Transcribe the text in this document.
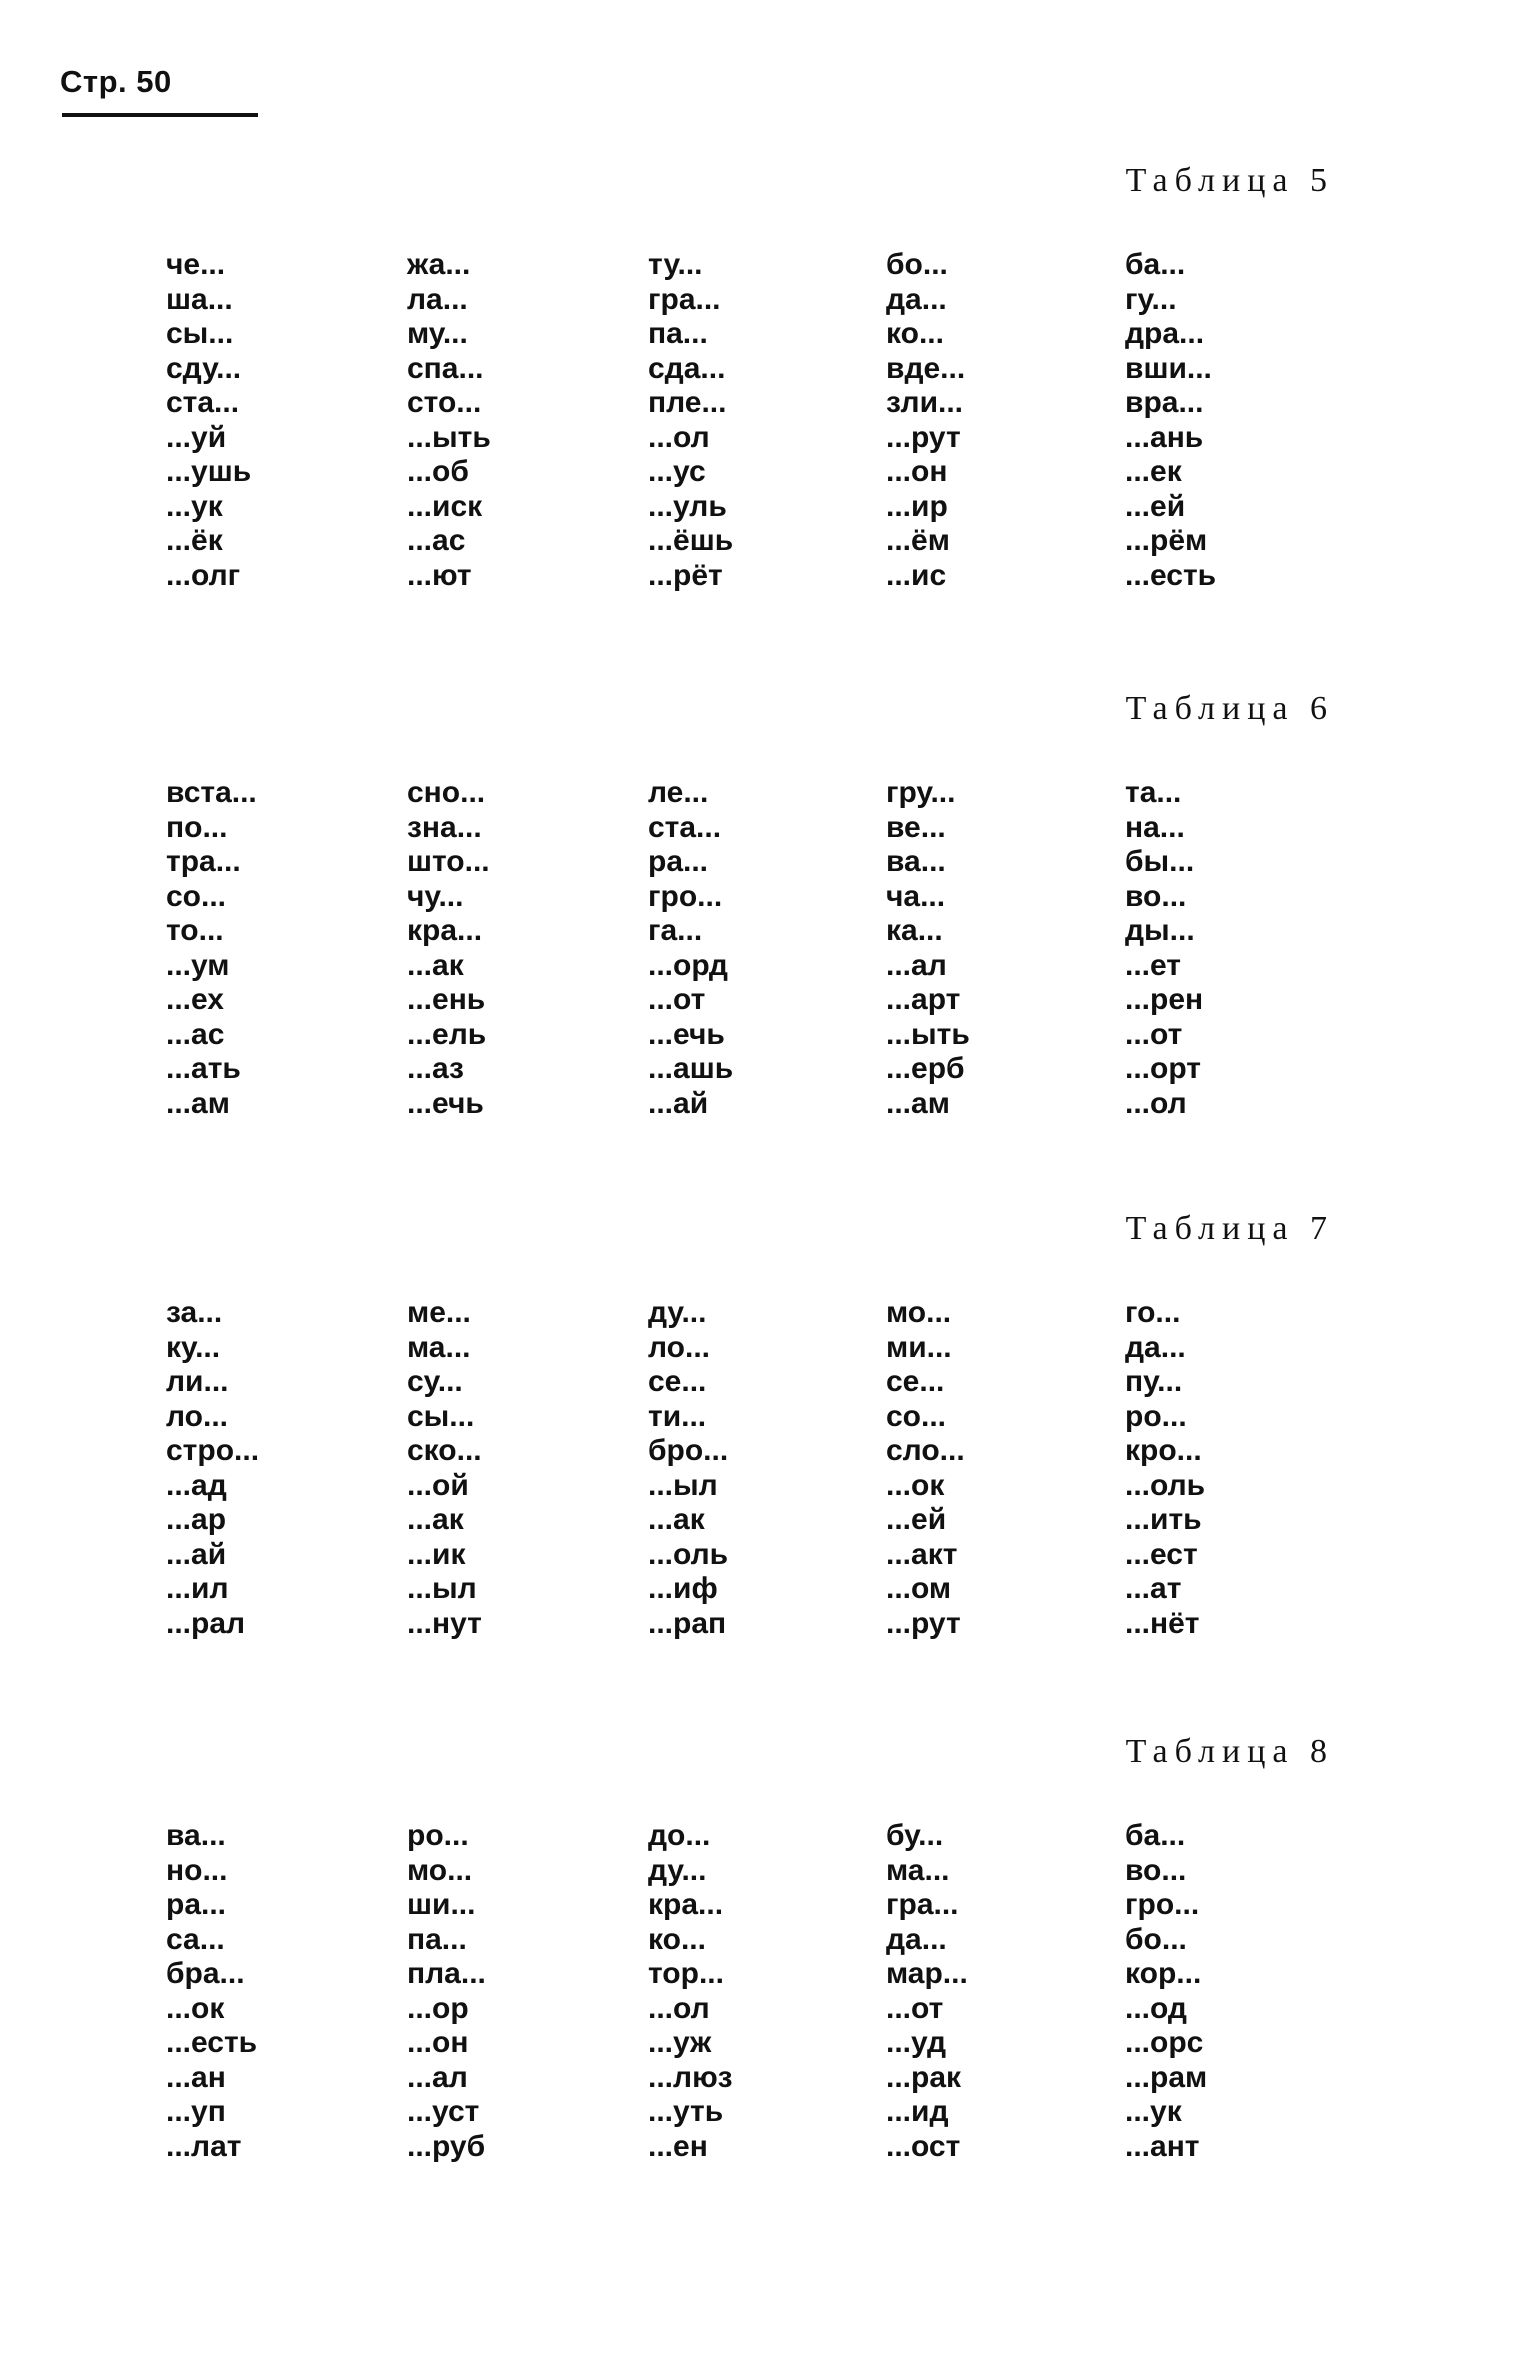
Стр. 50
Таблица 5
че...
ша...
сы...
сду...
ста...
...уй
...ушь
...ук
...ёк
...олг
жа...
ла...
му...
спа...
сто...
...ыть
...об
...иск
...ас
...ют
ту...
гра...
па...
сда...
пле...
...ол
...ус
...уль
...ёшь
...рёт
бо...
да...
ко...
вде...
зли...
...рут
...он
...ир
...ём
...ис
ба...
гу...
дра...
вши...
вра...
...ань
...ек
...ей
...рём
...есть
Таблица 6
вста...
по...
тра...
со...
то...
...ум
...ех
...ас
...ать
...ам
сно...
зна...
што...
чу...
кра...
...ак
...ень
...ель
...аз
...ечь
ле...
ста...
ра...
гро...
га...
...орд
...от
...ечь
...ашь
...ай
гру...
ве...
ва...
ча...
ка...
...ал
...арт
...ыть
...ерб
...ам
та...
на...
бы...
во...
ды...
...ет
...рен
...от
...орт
...ол
Таблица 7
за...
ку...
ли...
ло...
стро...
...ад
...ар
...ай
...ил
...рал
ме...
ма...
су...
сы...
ско...
...ой
...ак
...ик
...ыл
...нут
ду...
ло...
се...
ти...
бро...
...ыл
...ак
...оль
...иф
...рап
мо...
ми...
се...
со...
сло...
...ок
...ей
...акт
...ом
...рут
го...
да...
пу...
ро...
кро...
...оль
...ить
...ест
...ат
...нёт
Таблица 8
ва...
но...
ра...
са...
бра...
...ок
...есть
...ан
...уп
...лат
ро...
мо...
ши...
па...
пла...
...ор
...он
...ал
...уст
...руб
до...
ду...
кра...
ко...
тор...
...ол
...уж
...люз
...уть
...ен
бу...
ма...
гра...
да...
мар...
...от
...уд
...рак
...ид
...ост
ба...
во...
гро...
бо...
кор...
...од
...орс
...рам
...ук
...ант
